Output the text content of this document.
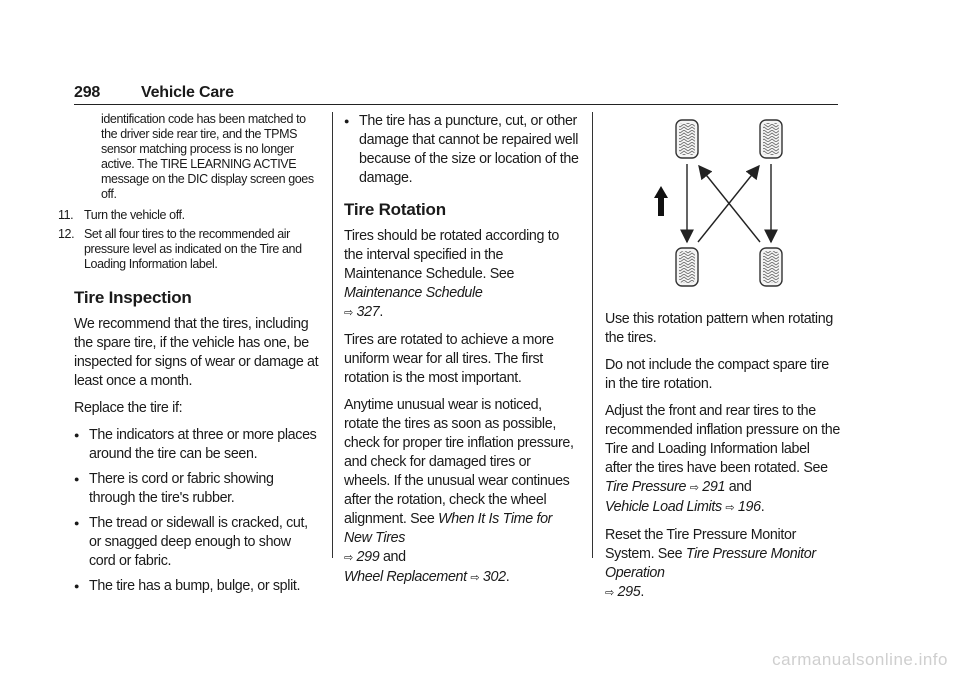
298	Vehicle Care
identification code has been matched to the driver side rear tire, and the TPMS sensor matching process is no longer active. The TIRE LEARNING ACTIVE message on the DIC display screen goes off.
11. Turn the vehicle off.
12. Set all four tires to the recommended air pressure level as indicated on the Tire and Loading Information label.
Tire Inspection

We recommend that the tires, including the spare tire, if the vehicle has one, be inspected for signs of wear or damage at least once a month.

Replace the tire if:

● The indicators at three or more places around the tire can be seen.
● There is cord or fabric showing through the tire's rubber.
● The tread or sidewall is cracked, cut, or snagged deep enough to show cord or fabric.
● The tire has a bump, bulge, or split.
● The tire has a puncture, cut, or other damage that cannot be repaired well because of the size or location of the damage.
Tire Rotation

Tires should be rotated according to the interval specified in the Maintenance Schedule. See Maintenance Schedule
⇨ 327.

Tires are rotated to achieve a more uniform wear for all tires. The first rotation is the most important.

Anytime unusual wear is noticed, rotate the tires as soon as possible, check for proper tire inflation pressure, and check for damaged tires or wheels. If the unusual wear continues after the rotation, check the wheel alignment. See When It Is Time for New Tires
⇨ 299 and
Wheel Replacement ⇨ 302.

Use this rotation pattern when rotating the tires.

Do not include the compact spare tire in the tire rotation.

Adjust the front and rear tires to the recommended inflation pressure on the Tire and Loading Information label after the tires have been rotated. See Tire Pressure ⇨ 291 and
Vehicle Load Limits ⇨ 196.

Reset the Tire Pressure Monitor System. See Tire Pressure Monitor Operation
⇨ 295.

carmanualsonline.info
